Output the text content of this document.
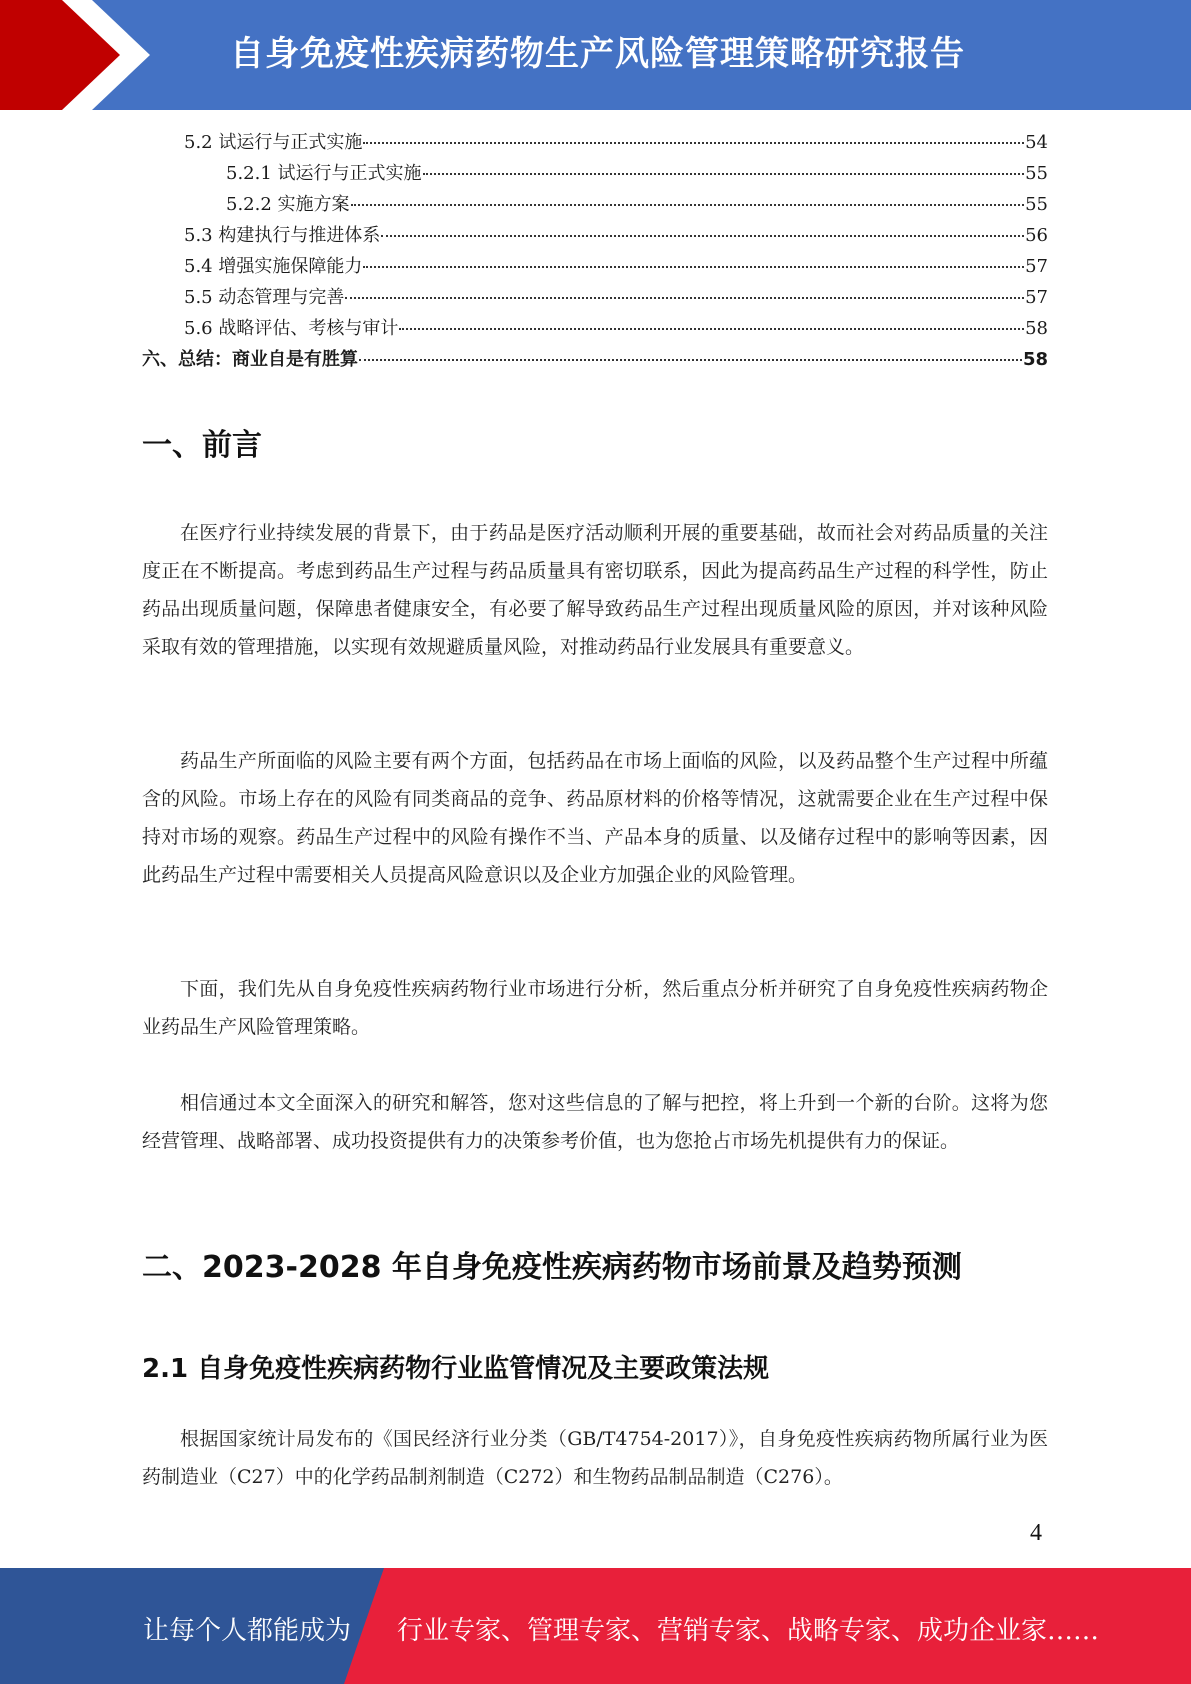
自身免疫性疾病药物生产风险管理策略研究报告
5.2 试运行与正式实施	54
5.2.1 试运行与正式实施	55
5.2.2 实施方案	55
5.3 构建执行与推进体系	56
5.4 增强实施保障能力	57
5.5 动态管理与完善	57
5.6 战略评估、考核与审计	58
六、总结：商业自是有胜算	58
一、前言
在医疗行业持续发展的背景下，由于药品是医疗活动顺利开展的重要基础，故而社会对药品质量的关注度正在不断提高。考虑到药品生产过程与药品质量具有密切联系，因此为提高药品生产过程的科学性，防止药品出现质量问题，保障患者健康安全，有必要了解导致药品生产过程出现质量风险的原因，并对该种风险采取有效的管理措施，以实现有效规避质量风险，对推动药品行业发展具有重要意义。
药品生产所面临的风险主要有两个方面，包括药品在市场上面临的风险，以及药品整个生产过程中所蕴含的风险。市场上存在的风险有同类商品的竞争、药品原材料的价格等情况，这就需要企业在生产过程中保持对市场的观察。药品生产过程中的风险有操作不当、产品本身的质量、以及储存过程中的影响等因素，因此药品生产过程中需要相关人员提高风险意识以及企业方加强企业的风险管理。
下面，我们先从自身免疫性疾病药物行业市场进行分析，然后重点分析并研究了自身免疫性疾病药物企业药品生产风险管理策略。
相信通过本文全面深入的研究和解答，您对这些信息的了解与把控，将上升到一个新的台阶。这将为您经营管理、战略部署、成功投资提供有力的决策参考价值，也为您抢占市场先机提供有力的保证。
二、2023-2028 年自身免疫性疾病药物市场前景及趋势预测
2.1 自身免疫性疾病药物行业监管情况及主要政策法规
根据国家统计局发布的《国民经济行业分类（GB/T4754-2017）》，自身免疫性疾病药物所属行业为医药制造业（C27）中的化学药品制剂制造（C272）和生物药品制品制造（C276）。
4
让每个人都能成为 行业专家、管理专家、营销专家、战略专家、成功企业家……
